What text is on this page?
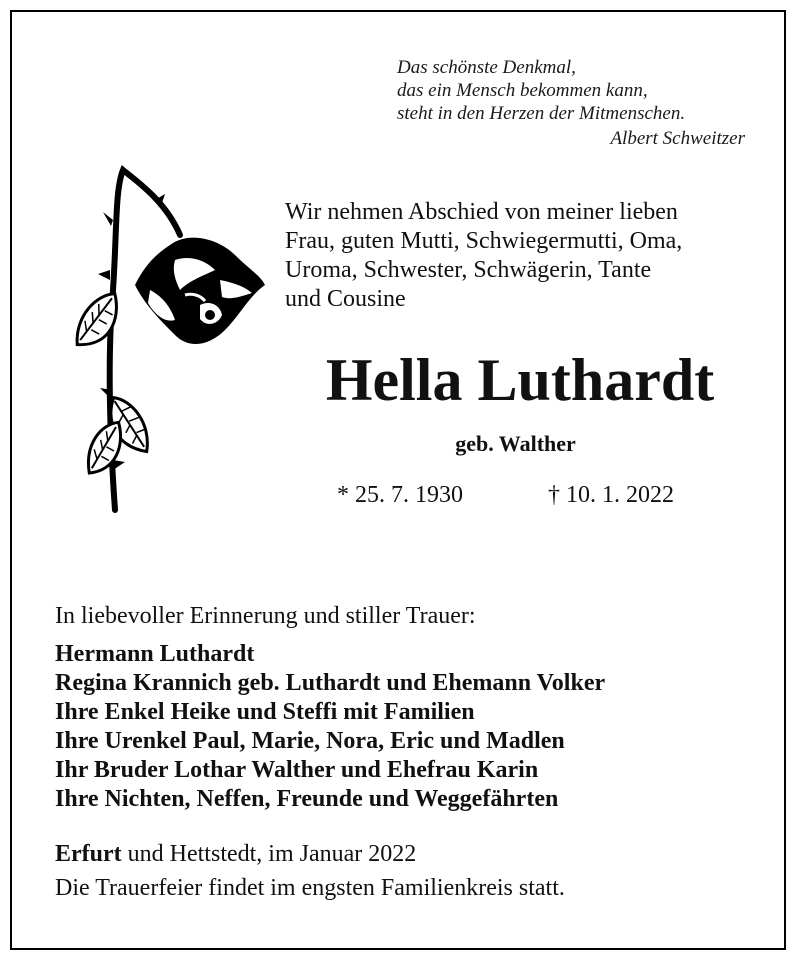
Das schönste Denkmal,
das ein Mensch bekommen kann,
steht in den Herzen der Mitmenschen.
Albert Schweitzer
Wir nehmen Abschied von meiner lieben
Frau, guten Mutti, Schwiegermutti, Oma,
Uroma, Schwester, Schwägerin, Tante
und Cousine
Hella Luthardt
geb. Walther
* 25. 7. 1930	† 10. 1. 2022
In liebevoller Erinnerung und stiller Trauer:
Hermann Luthardt
Regina Krannich geb. Luthardt und Ehemann Volker
Ihre Enkel Heike und Steffi mit Familien
Ihre Urenkel Paul, Marie, Nora, Eric und Madlen
Ihr Bruder Lothar Walther und Ehefrau Karin
Ihre Nichten, Neffen, Freunde und Weggefährten
Erfurt und Hettstedt, im Januar 2022
Die Trauerfeier findet im engsten Familienkreis statt.
